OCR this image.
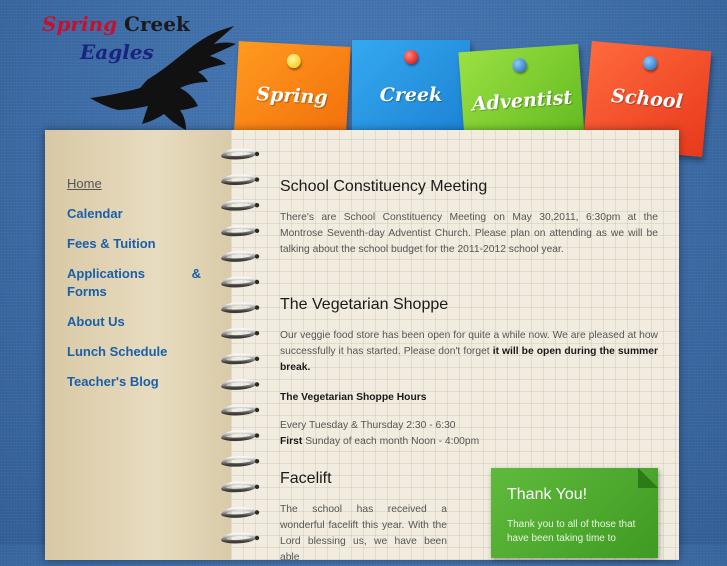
Spring Creek
Eagles
Spring	Creek Adventist School
Home
Calendar
Fees & Tuition
Applications	&
Forms
About Us
Lunch Schedule
Teacher's Blog
School Constituency Meeting

There's are School Constituency Meeting on May 30,2011, 6:30pm at the Montrose Seventh-day Adventist Church. Please plan on attending as we will be talking about the school budget for the 2011-2012 school year.

The Vegetarian Shoppe

Our veggie food store has been open for quite a while now. We are pleased at how successfully it has started. Please don't forget it will be open during the summer break.

The Vegetarian Shoppe Hours

Every Tuesday & Thursday 2:30 - 6:30

First Sunday of each month Noon - 4:00pm

Facelift

The school has received a wonderful facelift this year. With the Lord blessing us, we have been able

Thank You!

Thank you to all of those that have been taking time to
